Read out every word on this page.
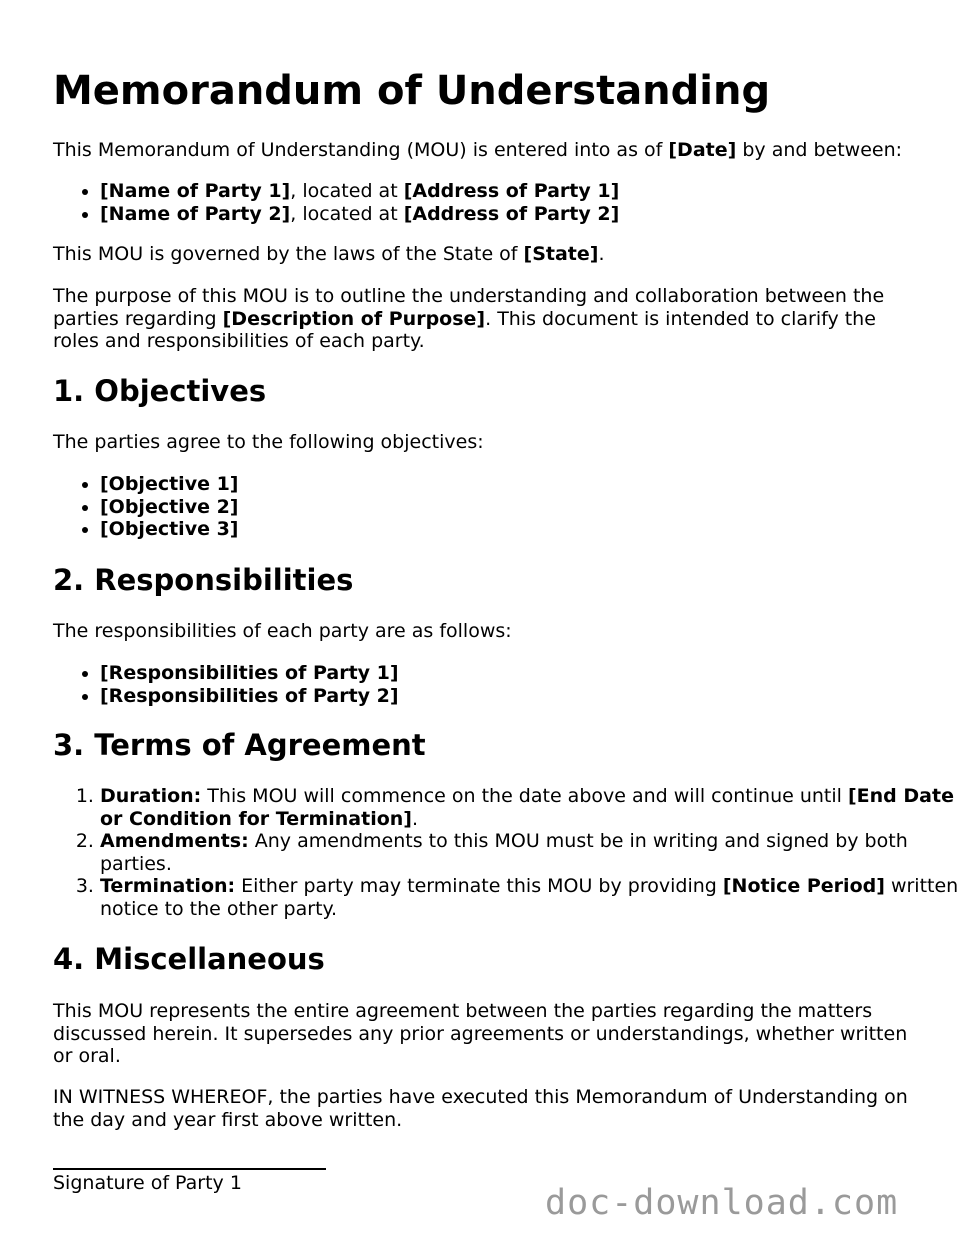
Memorandum of Understanding

This Memorandum of Understanding (MOU) is entered into as of [Date] by and between:

• [Name of Party 1], located at [Address of Party 1]
• [Name of Party 2], located at [Address of Party 2]

This MOU is governed by the laws of the State of [State].

The purpose of this MOU is to outline the understanding and collaboration between the parties regarding [Description of Purpose]. This document is intended to clarify the roles and responsibilities of each party.

1. Objectives

The parties agree to the following objectives:

• [Objective 1]
• [Objective 2]
• [Objective 3]
2. Responsibilities

The responsibilities of each party are as follows:

• [Responsibilities of Party 1]
• [Responsibilities of Party 2]
3. Terms of Agreement
1. Duration: This MOU will commence on the date above and will continue until [End Date or Condition for Termination].
2. Amendments: Any amendments to this MOU must be in writing and signed by both parties.
3. Termination: Either party may terminate this MOU by providing [Notice Period] written notice to the other party.
4. Miscellaneous

This MOU represents the entire agreement between the parties regarding the matters discussed herein. It supersedes any prior agreements or understandings, whether written or oral.

IN WITNESS WHEREOF, the parties have executed this Memorandum of Understanding on the day and year first above written.

Signature of Party 1	doc-download.com
